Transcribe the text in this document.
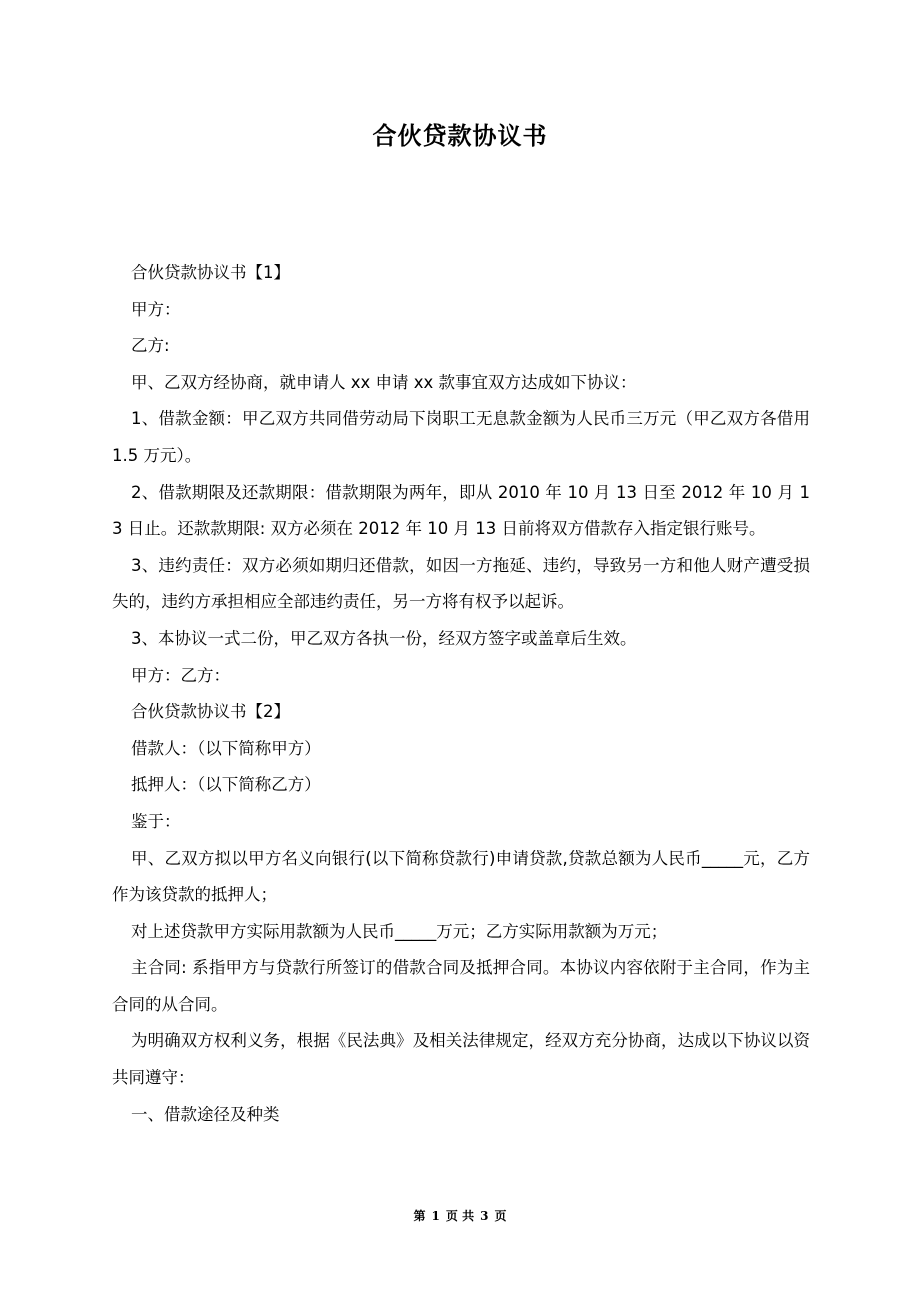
合伙贷款协议书

合伙贷款协议书【1】

甲方：

乙方:

甲、乙双方经协商，就申请人 xx 申请 xx 款事宜双方达成如下协议：

1、借款金额：甲乙双方共同借劳动局下岗职工无息款金额为人民币三万元（甲乙双方各借用 1.5 万元）。

2、借款期限及还款期限：借款期限为两年，即从 2010 年 10 月 13 日至 2012 年 10 月 13 日止。还款款期限: 双方必须在 2012 年 10 月 13 日前将双方借款存入指定银行账号。

3、违约责任：双方必须如期归还借款，如因一方拖延、违约，导致另一方和他人财产遭受损失的，违约方承担相应全部违约责任，另一方将有权予以起诉。

3、本协议一式二份，甲乙双方各执一份，经双方签字或盖章后生效。

甲方：乙方：

合伙贷款协议书【2】

借款人：（以下简称甲方）

抵押人：（以下简称乙方）

鉴于：

甲、乙双方拟以甲方名义向银行(以下简称贷款行)申请贷款,贷款总额为人民币_____元，乙方作为该贷款的抵押人；

对上述贷款甲方实际用款额为人民币_____万元；乙方实际用款额为万元；

主合同: 系指甲方与贷款行所签订的借款合同及抵押合同。本协议内容依附于主合同，作为主合同的从合同。

为明确双方权利义务，根据《民法典》及相关法律规定，经双方充分协商，达成以下协议以资共同遵守：

一、借款途径及种类

第 1 页 共 3 页
